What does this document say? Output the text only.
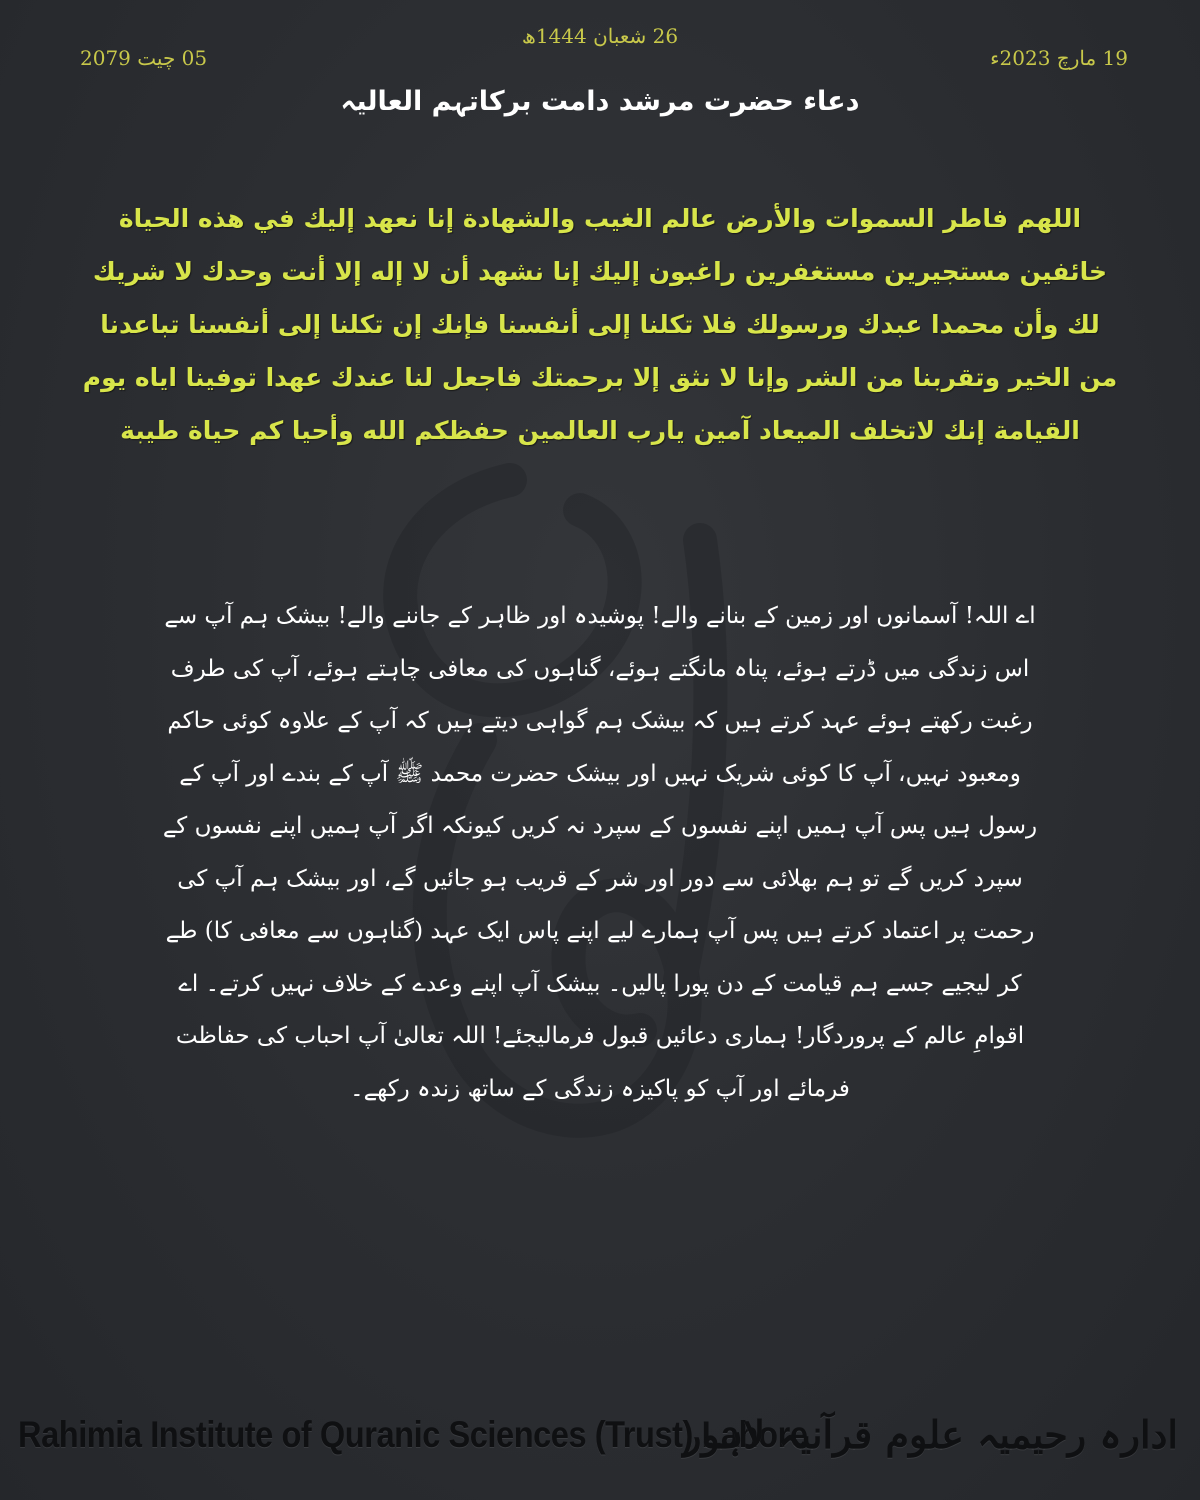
26 شعبان 1444ھ
19 مارچ 2023ء
05 چیت 2079
دعاء حضرت مرشد دامت برکاتہم العالیہ
اللهم فاطر السموات والأرض عالم الغيب والشهادة إنا نعهد إليك في هذه الحياة خائفين مستجيرين مستغفرين راغبون إليك إنا نشهد أن لا إله إلا أنت وحدك لا شريك لك وأن محمدا عبدك ورسولك فلا تكلنا إلى أنفسنا فإنك إن تكلنا إلى أنفسنا تباعدنا من الخير وتقربنا من الشر وإنا لا نثق إلا برحمتك فاجعل لنا عندك عهدا توفينا اياه يوم القيامة إنك لاتخلف الميعاد آمين يارب العالمين حفظكم الله وأحيا كم حياة طيبة
اے اللہ! آسمانوں اور زمین کے بنانے والے! پوشیدہ اور ظاہر کے جاننے والے! بیشک ہم آپ سے اس زندگی میں ڈرتے ہوئے، پناہ مانگتے ہوئے، گناہوں کی معافی چاہتے ہوئے، آپ کی طرف رغبت رکھتے ہوئے عہد کرتے ہیں کہ بیشک ہم گواہی دیتے ہیں کہ آپ کے علاوہ کوئی حاکم ومعبود نہیں، آپ کا کوئی شریک نہیں اور بیشک حضرت محمد ﷺ آپ کے بندے اور آپ کے رسول ہیں پس آپ ہمیں اپنے نفسوں کے سپرد نہ کریں کیونکہ اگر آپ ہمیں اپنے نفسوں کے سپرد کریں گے تو ہم بھلائی سے دور اور شر کے قریب ہو جائیں گے، اور بیشک ہم آپ کی رحمت پر اعتماد کرتے ہیں پس آپ ہمارے لیے اپنے پاس ایک عہد (گناہوں سے معافی کا) طے کر لیجیے جسے ہم قیامت کے دن پورا پالیں۔ بیشک آپ اپنے وعدے کے خلاف نہیں کرتے۔ اے اقوامِ عالم کے پروردگار! ہماری دعائیں قبول فرمالیجئے! اللہ تعالیٰ آپ احباب کی حفاظت فرمائے اور آپ کو پاکیزہ زندگی کے ساتھ زندہ رکھے۔
Rahimia Institute of Quranic Sciences (Trust) Lahore
ادارہ رحیمیہ علوم قرآنیہ لاہور
